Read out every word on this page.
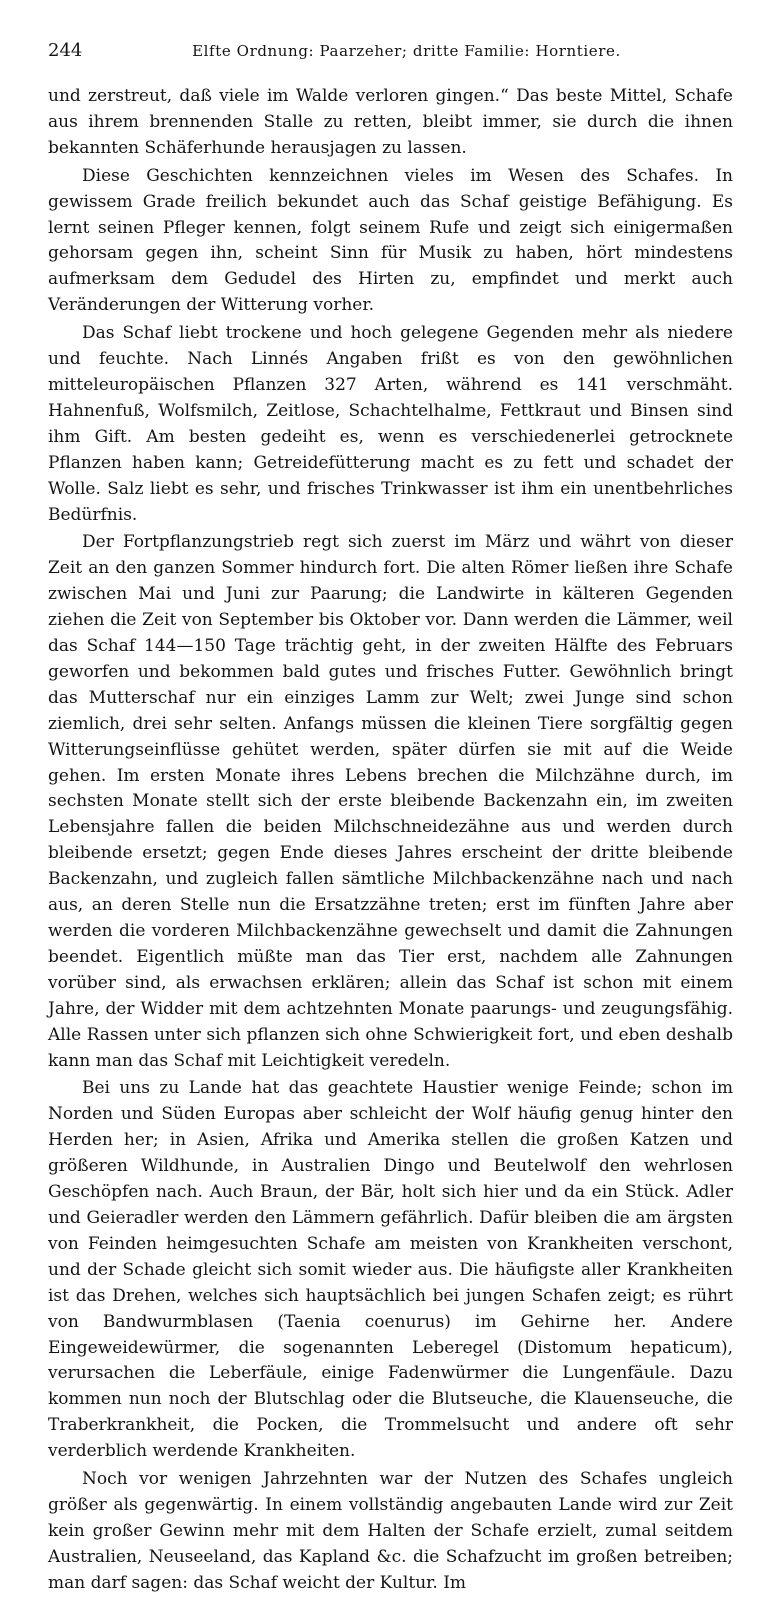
244	Elfte Ordnung: Paarzeher; dritte Familie: Horntiere.

und zerstreut, daß viele im Walde verloren gingen.“ Das beste Mittel, Schafe aus ihrem brennenden Stalle zu retten, bleibt immer, sie durch die ihnen bekannten Schäferhunde herausjagen zu lassen.

Diese Geschichten kennzeichnen vieles im Wesen des Schafes. In gewissem Grade freilich bekundet auch das Schaf geistige Befähigung. Es lernt seinen Pfleger kennen, folgt seinem Rufe und zeigt sich einigermaßen gehorsam gegen ihn, scheint Sinn für Musik zu haben, hört mindestens aufmerksam dem Gedudel des Hirten zu, empfindet und merkt auch Veränderungen der Witterung vorher.

Das Schaf liebt trockene und hoch gelegene Gegenden mehr als niedere und feuchte. Nach Linnés Angaben frißt es von den gewöhnlichen mitteleuropäischen Pflanzen 327 Arten, während es 141 verschmäht. Hahnenfuß, Wolfsmilch, Zeitlose, Schachtelhalme, Fettkraut und Binsen sind ihm Gift. Am besten gedeiht es, wenn es verschiedenerlei getrocknete Pflanzen haben kann; Getreidefütterung macht es zu fett und schadet der Wolle. Salz liebt es sehr, und frisches Trinkwasser ist ihm ein unentbehrliches Bedürfnis.

Der Fortpflanzungstrieb regt sich zuerst im März und währt von dieser Zeit an den ganzen Sommer hindurch fort. Die alten Römer ließen ihre Schafe zwischen Mai und Juni zur Paarung; die Landwirte in kälteren Gegenden ziehen die Zeit von September bis Oktober vor. Dann werden die Lämmer, weil das Schaf 144—150 Tage trächtig geht, in der zweiten Hälfte des Februars geworfen und bekommen bald gutes und frisches Futter. Gewöhnlich bringt das Mutterschaf nur ein einziges Lamm zur Welt; zwei Junge sind schon ziemlich, drei sehr selten. Anfangs müssen die kleinen Tiere sorgfältig gegen Witterungseinflüsse gehütet werden, später dürfen sie mit auf die Weide gehen. Im ersten Monate ihres Lebens brechen die Milchzähne durch, im sechsten Monate stellt sich der erste bleibende Backenzahn ein, im zweiten Lebensjahre fallen die beiden Milchschneidezähne aus und werden durch bleibende ersetzt; gegen Ende dieses Jahres erscheint der dritte bleibende Backenzahn, und zugleich fallen sämtliche Milchbackenzähne nach und nach aus, an deren Stelle nun die Ersatzzähne treten; erst im fünften Jahre aber werden die vorderen Milchbackenzähne gewechselt und damit die Zahnungen beendet. Eigentlich müßte man das Tier erst, nachdem alle Zahnungen vorüber sind, als erwachsen erklären; allein das Schaf ist schon mit einem Jahre, der Widder mit dem achtzehnten Monate paarungs- und zeugungsfähig. Alle Rassen unter sich pflanzen sich ohne Schwierigkeit fort, und eben deshalb kann man das Schaf mit Leichtigkeit veredeln.

Bei uns zu Lande hat das geachtete Haustier wenige Feinde; schon im Norden und Süden Europas aber schleicht der Wolf häufig genug hinter den Herden her; in Asien, Afrika und Amerika stellen die großen Katzen und größeren Wildhunde, in Australien Dingo und Beutelwolf den wehrlosen Geschöpfen nach. Auch Braun, der Bär, holt sich hier und da ein Stück. Adler und Geieradler werden den Lämmern gefährlich. Dafür bleiben die am ärgsten von Feinden heimgesuchten Schafe am meisten von Krankheiten verschont, und der Schade gleicht sich somit wieder aus. Die häufigste aller Krankheiten ist das Drehen, welches sich hauptsächlich bei jungen Schafen zeigt; es rührt von Bandwurmblasen (Taenia coenurus) im Gehirne her. Andere Eingeweidewürmer, die sogenannten Leberegel (Distomum hepaticum), verursachen die Leberfäule, einige Fadenwürmer die Lungenfäule. Dazu kommen nun noch der Blutschlag oder die Blutseuche, die Klauenseuche, die Traberkrankheit, die Pocken, die Trommelsucht und andere oft sehr verderblich werdende Krankheiten.

Noch vor wenigen Jahrzehnten war der Nutzen des Schafes ungleich größer als gegenwärtig. In einem vollständig angebauten Lande wird zur Zeit kein großer Gewinn mehr mit dem Halten der Schafe erzielt, zumal seitdem Australien, Neuseeland, das Kapland &c. die Schafzucht im großen betreiben; man darf sagen: das Schaf weicht der Kultur. Im
